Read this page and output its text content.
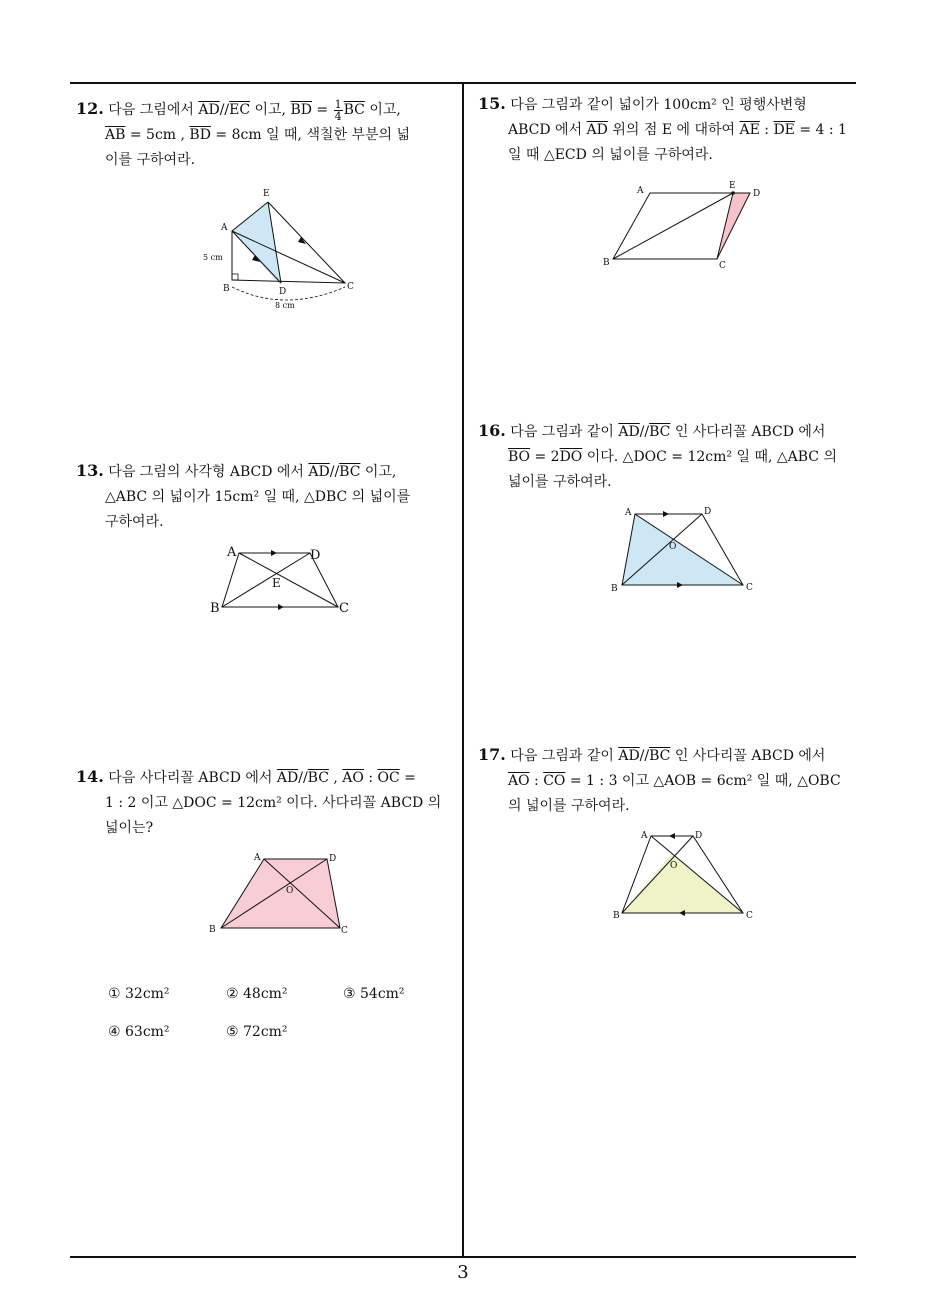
12. 다음 그림에서 $\overline{AD}//\overline{EC}$ 이고, $\overline{BD} = \frac{1}{4} \overline{BC}$ 이고,
$\overline{AB} = 5cm$ , $\overline{BD} = 8cm$ 일 때, 색칠한 부분의 넓
이를 구하여라.
E
A
5 cm
B	D	C
8 cm
13. 다음 그림의 사각형 ABCD 에서 $\overline{AD}//\overline{BC}$ 이고,
△ABC 의 넓이가 15cm² 일 때, △DBC 의 넓이를
구하여라.
A	D
E
B	C
14. 다음 사다리꼴 ABCD 에서 $\overline{AD}//\overline{BC}$ , $\overline{AO}$ : $\overline{OC}$ =
1 : 2 이고 △DOC = 12cm² 이다. 사다리꼴 ABCD 의
넓이는?
A	D
O
B	C
① 32cm²	② 48cm²	③ 54cm²
④ 63cm²	⑤ 72cm²
15. 다음 그림과 같이 넓이가 100cm² 인 평행사변형
ABCD 에서 $\overline{AD}$ 위의 점 E 에 대하여 $\overline{AE}$ : $\overline{DE} = 4$ : 1
일 때 △ECD 의 넓이를 구하여라.
A	E
D
B	C
16. 다음 그림과 같이 $\overline{AD}//\overline{BC}$ 인 사다리꼴 ABCD 에서
$\overline{BO} = 2\overline{DO}$ 이다. △DOC = 12cm² 일 때, △ABC 의
넓이를 구하여라.
A	D
O
B	C
17. 다음 그림과 같이 $\overline{AD}//\overline{BC}$ 인 사다리꼴 ABCD 에서
$\overline{AO}$ : $\overline{CO} = 1$ : 3 이고 △AOB = 6cm² 일 때, △OBC
의 넓이를 구하여라.
A	D
O
B	C
3
